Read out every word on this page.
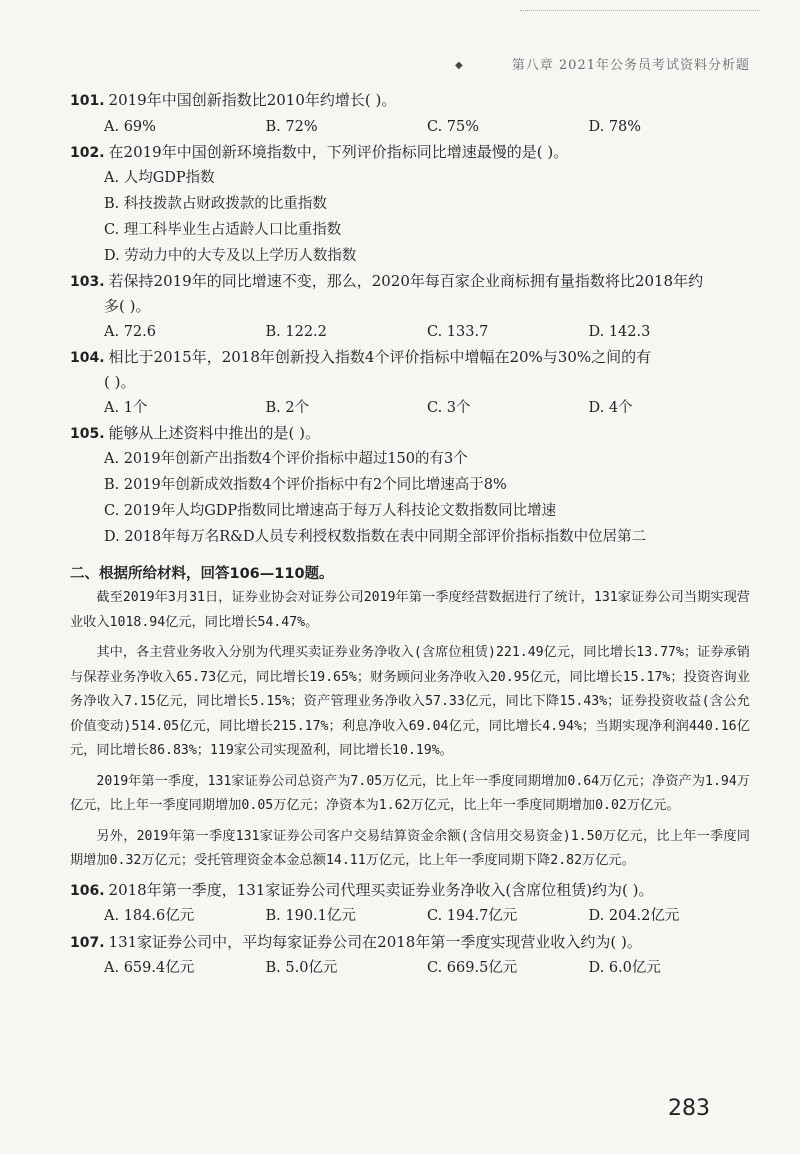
◆	第八章 2021年公务员考试资料分析题
101. 2019年中国创新指数比2010年约增长( )。
A. 69%	B. 72%	C. 75%	D. 78%
102. 在2019年中国创新环境指数中，下列评价指标同比增速最慢的是( )。
A. 人均GDP指数
B. 科技拨款占财政拨款的比重指数
C. 理工科毕业生占适龄人口比重指数
D. 劳动力中的大专及以上学历人数指数
103. 若保持2019年的同比增速不变，那么，2020年每百家企业商标拥有量指数将比2018年约
多( )。
A. 72.6	B. 122.2	C. 133.7	D. 142.3
104. 相比于2015年，2018年创新投入指数4个评价指标中增幅在20%与30%之间的有
( )。
A. 1个	B. 2个	C. 3个	D. 4个
105. 能够从上述资料中推出的是( )。
A. 2019年创新产出指数4个评价指标中超过150的有3个
B. 2019年创新成效指数4个评价指标中有2个同比增速高于8%
C. 2019年人均GDP指数同比增速高于每万人科技论文数指数同比增速
D. 2018年每万名R&D人员专利授权数指数在表中同期全部评价指标指数中位居第二
二、根据所给材料，回答106—110题。

截至2019年3月31日，证券业协会对证券公司2019年第一季度经营数据进行了统计，131家证券公司当期实现营业收入1018.94亿元，同比增长54.47%。

其中，各主营业务收入分别为代理买卖证券业务净收入(含席位租赁)221.49亿元，同比增长13.77%；证券承销与保荐业务净收入65.73亿元，同比增长19.65%；财务顾问业务净收入20.95亿元，同比增长15.17%；投资咨询业务净收入7.15亿元，同比增长5.15%；资产管理业务净收入57.33亿元，同比下降15.43%；证券投资收益(含公允价值变动)514.05亿元，同比增长215.17%；利息净收入69.04亿元，同比增长4.94%；当期实现净利润440.16亿元，同比增长86.83%；119家公司实现盈利，同比增长10.19%。

2019年第一季度，131家证券公司总资产为7.05万亿元，比上年一季度同期增加0.64万亿元；净资产为1.94万亿元，比上年一季度同期增加0.05万亿元；净资本为1.62万亿元，比上年一季度同期增加0.02万亿元。

另外，2019年第一季度131家证券公司客户交易结算资金余额(含信用交易资金)1.50万亿元，比上年一季度同期增加0.32万亿元；受托管理资金本金总额14.11万亿元，比上年一季度同期下降2.82万亿元。

106. 2018年第一季度，131家证券公司代理买卖证券业务净收入(含席位租赁)约为( )。
A. 184.6亿元	B. 190.1亿元	C. 194.7亿元	D. 204.2亿元
107. 131家证券公司中，平均每家证券公司在2018年第一季度实现营业收入约为( )。
A. 659.4亿元	B. 5.0亿元	C. 669.5亿元	D. 6.0亿元
283
